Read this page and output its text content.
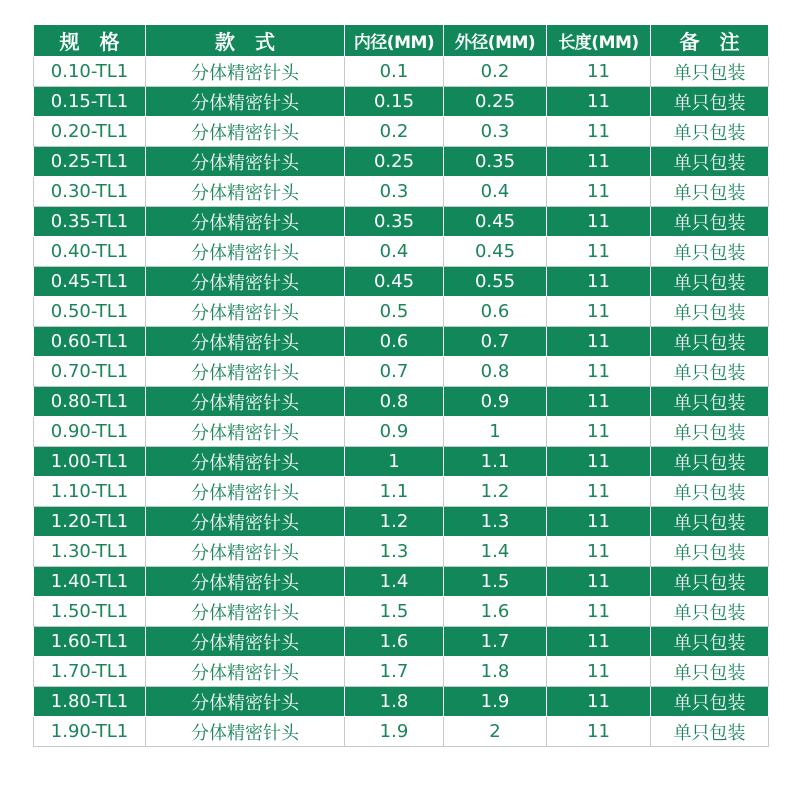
规　格	款　式	内径(MM)	外径(MM)	长度(MM)	备　注
0.10-TL1	分体精密针头	0.1	0.2	11	单只包装
0.15-TL1	分体精密针头	0.15	0.25	11	单只包装
0.20-TL1	分体精密针头	0.2	0.3	11	单只包装
0.25-TL1	分体精密针头	0.25	0.35	11	单只包装
0.30-TL1	分体精密针头	0.3	0.4	11	单只包装
0.35-TL1	分体精密针头	0.35	0.45	11	单只包装
0.40-TL1	分体精密针头	0.4	0.45	11	单只包装
0.45-TL1	分体精密针头	0.45	0.55	11	单只包装
0.50-TL1	分体精密针头	0.5	0.6	11	单只包装
0.60-TL1	分体精密针头	0.6	0.7	11	单只包装
0.70-TL1	分体精密针头	0.7	0.8	11	单只包装
0.80-TL1	分体精密针头	0.8	0.9	11	单只包装
0.90-TL1	分体精密针头	0.9	1	11	单只包装
1.00-TL1	分体精密针头	1	1.1	11	单只包装
1.10-TL1	分体精密针头	1.1	1.2	11	单只包装
1.20-TL1	分体精密针头	1.2	1.3	11	单只包装
1.30-TL1	分体精密针头	1.3	1.4	11	单只包装
1.40-TL1	分体精密针头	1.4	1.5	11	单只包装
1.50-TL1	分体精密针头	1.5	1.6	11	单只包装
1.60-TL1	分体精密针头	1.6	1.7	11	单只包装
1.70-TL1	分体精密针头	1.7	1.8	11	单只包装
1.80-TL1	分体精密针头	1.8	1.9	11	单只包装
1.90-TL1	分体精密针头	1.9	2	11	单只包装
